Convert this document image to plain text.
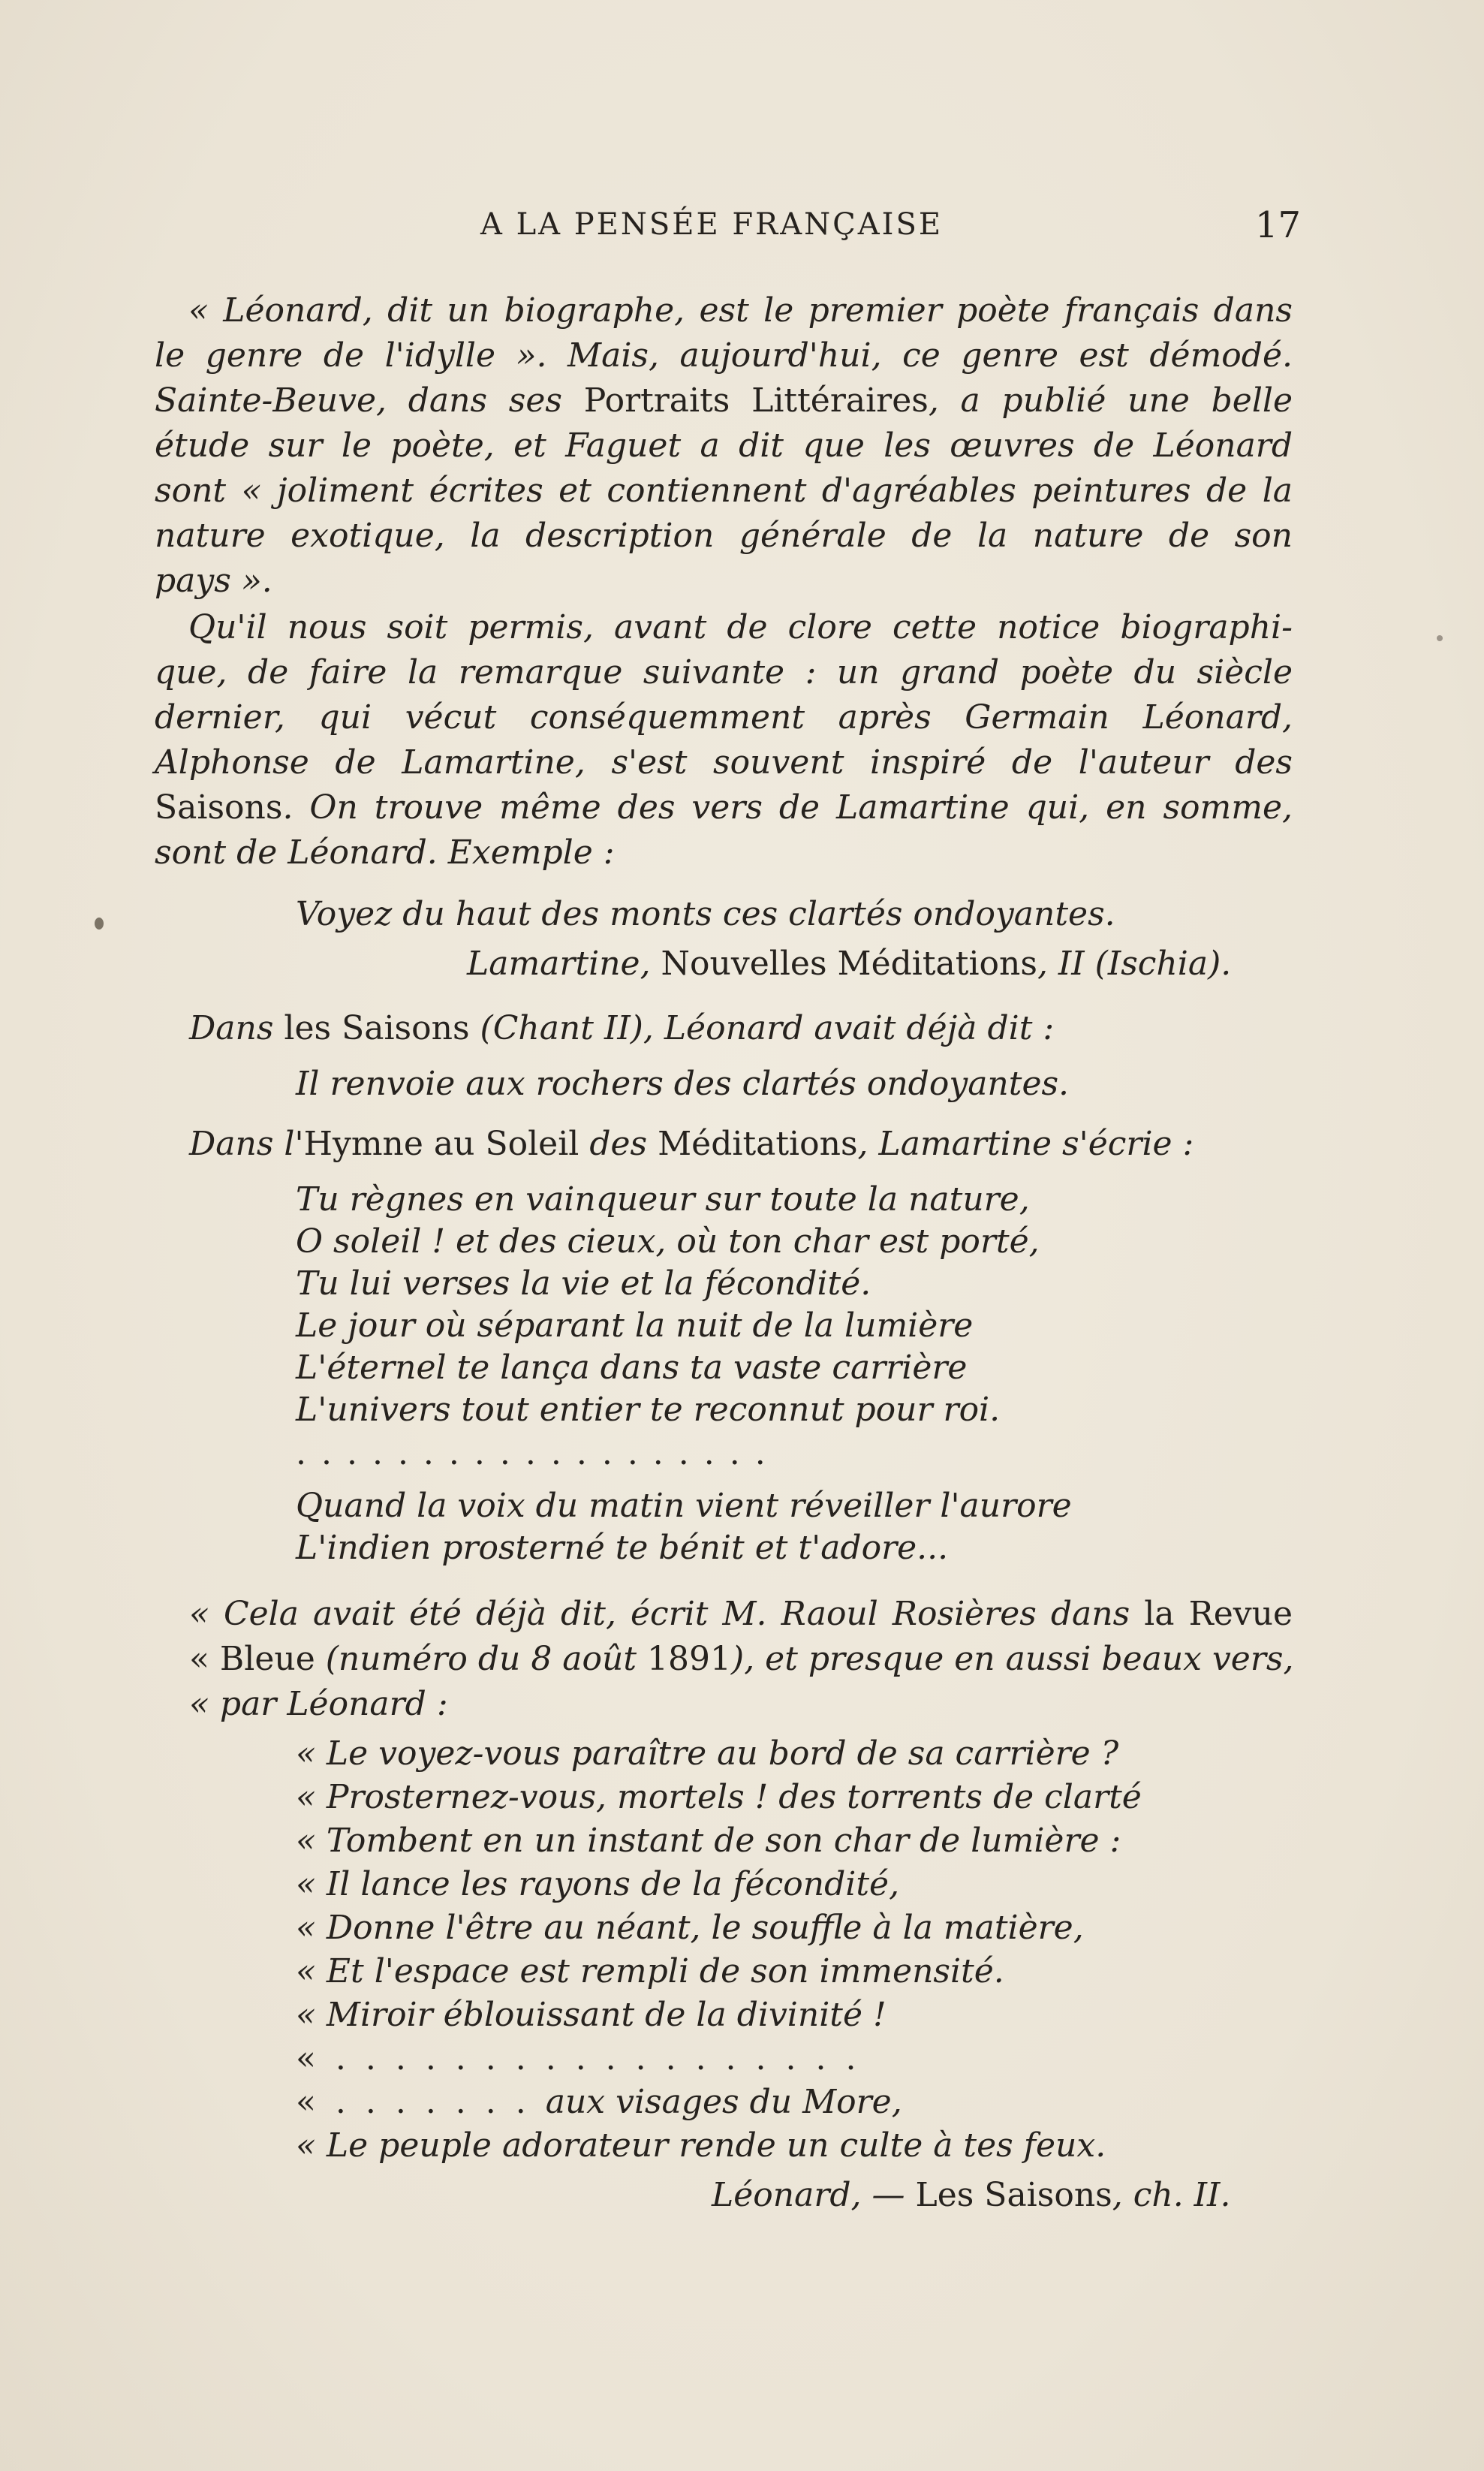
A LA PENSÉE FRANÇAISE	17
« Léonard, dit un biographe, est le premier poète français dans
le genre de l'idylle ». Mais, aujourd'hui, ce genre est démodé.
Sainte-Beuve, dans ses Portraits Littéraires, a publié une belle
étude sur le poète, et Faguet a dit que les œuvres de Léonard
sont « joliment écrites et contiennent d'agréables peintures de la
nature exotique, la description générale de la nature de son
pays ».
Qu'il nous soit permis, avant de clore cette notice biographi-
que, de faire la remarque suivante : un grand poète du siècle
dernier, qui vécut conséquemment après Germain Léonard,
Alphonse de Lamartine, s'est souvent inspiré de l'auteur des
Saisons. On trouve même des vers de Lamartine qui, en somme,
sont de Léonard. Exemple :
Voyez du haut des monts ces clartés ondoyantes.
Lamartine, Nouvelles Méditations, II (Ischia).
Dans les Saisons (Chant II), Léonard avait déjà dit :
Il renvoie aux rochers des clartés ondoyantes.
Dans l'Hymne au Soleil des Méditations, Lamartine s'écrie :
Tu règnes en vainqueur sur toute la nature,
O soleil ! et des cieux, où ton char est porté,
Tu lui verses la vie et la fécondité.
Le jour où séparant la nuit de la lumière
L'éternel te lança dans ta vaste carrière
L'univers tout entier te reconnut pour roi.
...................
Quand la voix du matin vient réveiller l'aurore
L'indien prosterné te bénit et t'adore...
« Cela avait été déjà dit, écrit M. Raoul Rosières dans la Revue
« Bleue (numéro du 8 août 1891), et presque en aussi beaux vers,
« par Léonard :
« Le voyez-vous paraître au bord de sa carrière ?
« Prosternez-vous, mortels ! des torrents de clarté
« Tombent en un instant de son char de lumière :
« Il lance les rayons de la fécondité,
« Donne l'être au néant, le souffle à la matière,
« Et l'espace est rempli de son immensité.
« Miroir éblouissant de la divinité !
« . . . . . . . . . . . . . . . . . .
« . . . . . . . aux visages du More,
« Le peuple adorateur rende un culte à tes feux.
Léonard, — Les Saisons, ch. II.
